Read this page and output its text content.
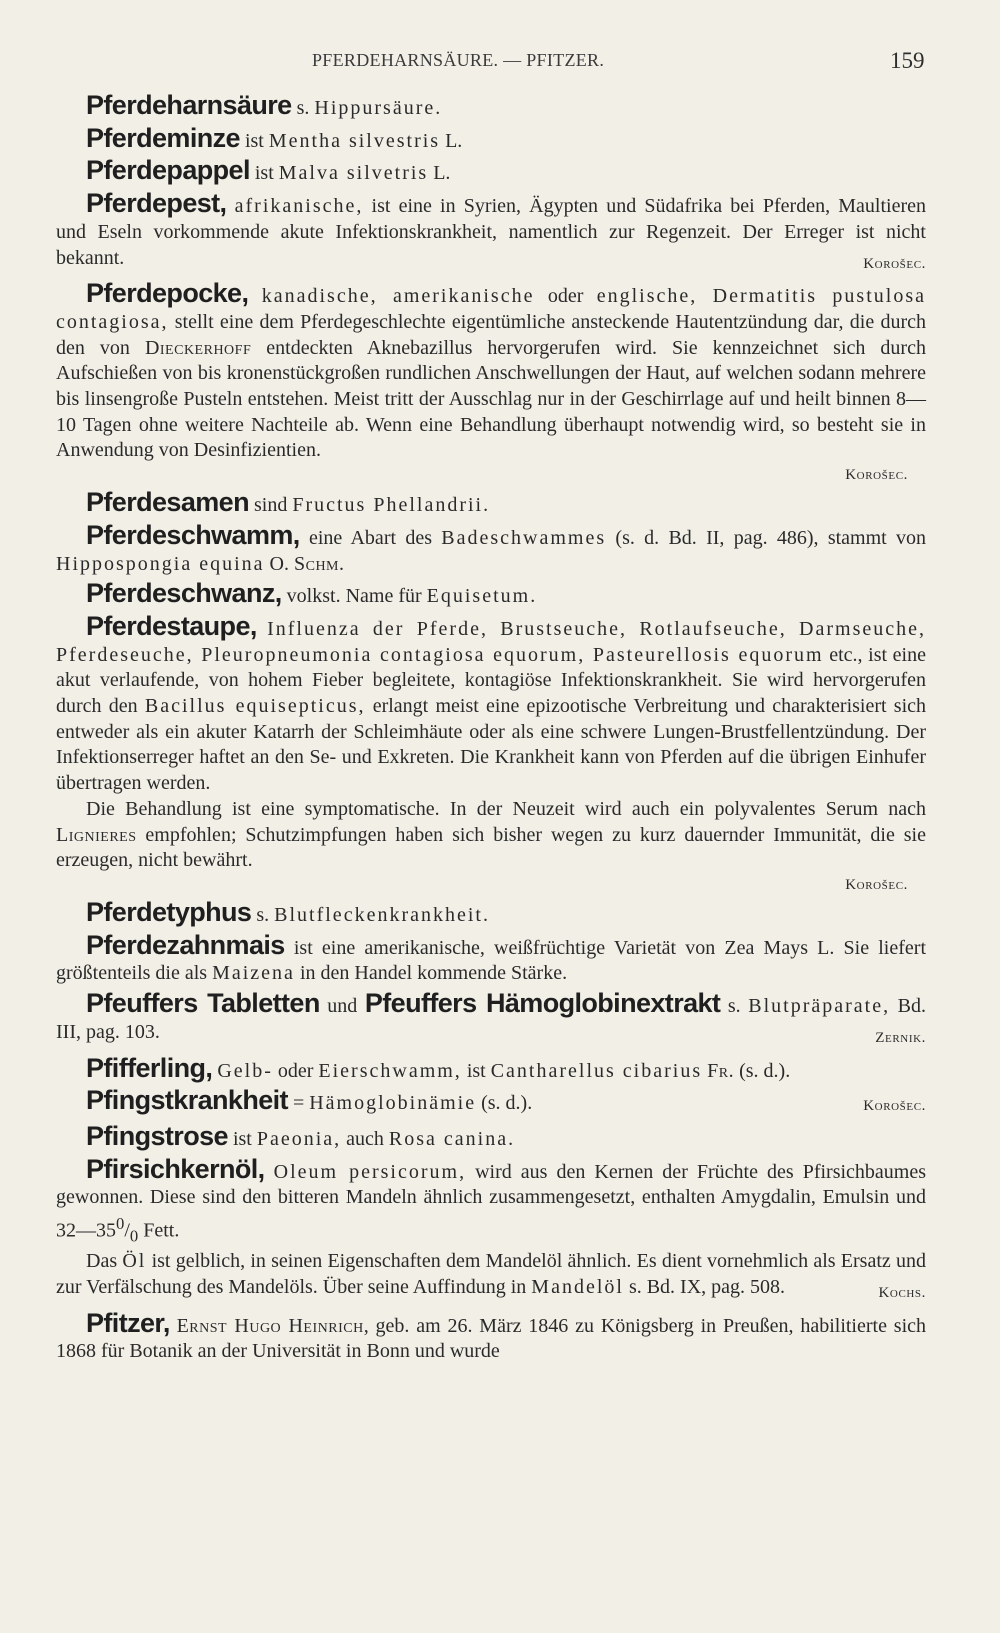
PFERDEHARNSÄURE. — PFITZER.	159

Pferdeharnsäure s. Hippursäure.

Pferdeminze ist Mentha silvestris L.

Pferdepappel ist Malva silvetris L.

Pferdepest, afrikanische, ist eine in Syrien, Ägypten und Südafrika bei Pferden, Maultieren und Eseln vorkommende akute Infektionskrankheit, namentlich zur Regenzeit. Der Erreger ist nicht bekannt.	Korošec.

Pferdepocke, kanadische, amerikanische oder englische, Dermatitis pustulosa contagiosa, stellt eine dem Pferdegeschlechte eigentümliche ansteckende Hautentzündung dar, die durch den von Dieckerhoff entdeckten Aknebazillus hervorgerufen wird. Sie kennzeichnet sich durch Aufschießen von bis kronenstückgroßen rundlichen Anschwellungen der Haut, auf welchen sodann mehrere bis linsengroße Pusteln entstehen. Meist tritt der Ausschlag nur in der Geschirrlage auf und heilt binnen 8—10 Tagen ohne weitere Nachteile ab. Wenn eine Behandlung überhaupt notwendig wird, so besteht sie in Anwendung von Desinfizientien.

Korošec.

Pferdesamen sind Fructus Phellandrii.

Pferdeschwamm, eine Abart des Badeschwammes (s. d. Bd. II, pag. 486), stammt von Hippospongia equina O. Schm.

Pferdeschwanz, volkst. Name für Equisetum.

Pferdestaupe, Influenza der Pferde, Brustseuche, Rotlaufseuche, Darmseuche, Pferdeseuche, Pleuropneumonia contagiosa equorum, Pasteurellosis equorum etc., ist eine akut verlaufende, von hohem Fieber begleitete, kontagiöse Infektionskrankheit. Sie wird hervorgerufen durch den Bacillus equisepticus, erlangt meist eine epizootische Verbreitung und charakterisiert sich entweder als ein akuter Katarrh der Schleimhäute oder als eine schwere Lungen-Brustfellentzündung. Der Infektionserreger haftet an den Se- und Exkreten. Die Krankheit kann von Pferden auf die übrigen Einhufer übertragen werden.

Die Behandlung ist eine symptomatische. In der Neuzeit wird auch ein polyvalentes Serum nach Lignieres empfohlen; Schutzimpfungen haben sich bisher wegen zu kurz dauernder Immunität, die sie erzeugen, nicht bewährt.

Korošec.

Pferdetyphus s. Blutfleckenkrankheit.

Pferdezahnmais ist eine amerikanische, weißfrüchtige Varietät von Zea Mays L. Sie liefert größtenteils die als Maizena in den Handel kommende Stärke.

Pfeuffers Tabletten und Pfeuffers Hämoglobinextrakt s. Blutpräparate, Bd. III, pag. 103.	Zernik.

Pfifferling, Gelb- oder Eierschwamm, ist Cantharellus cibarius Fr. (s. d.).

Pfingstkrankheit = Hämoglobinämie (s. d.).	Korošec.

Pfingstrose ist Paeonia, auch Rosa canina.

Pfirsichkernöl, Oleum persicorum, wird aus den Kernen der Früchte des Pfirsichbaumes gewonnen. Diese sind den bitteren Mandeln ähnlich zusammengesetzt, enthalten Amygdalin, Emulsin und $32—35^0/_0$ Fett.

Das Öl ist gelblich, in seinen Eigenschaften dem Mandelöl ähnlich. Es dient vornehmlich als Ersatz und zur Verfälschung des Mandelöls. Über seine Auffindung in Mandelöl s. Bd. IX, pag. 508.	Kochs.

Pfitzer, Ernst Hugo Heinrich, geb. am 26. März 1846 zu Königsberg in Preußen, habilitierte sich 1868 für Botanik an der Universität in Bonn und wurde
